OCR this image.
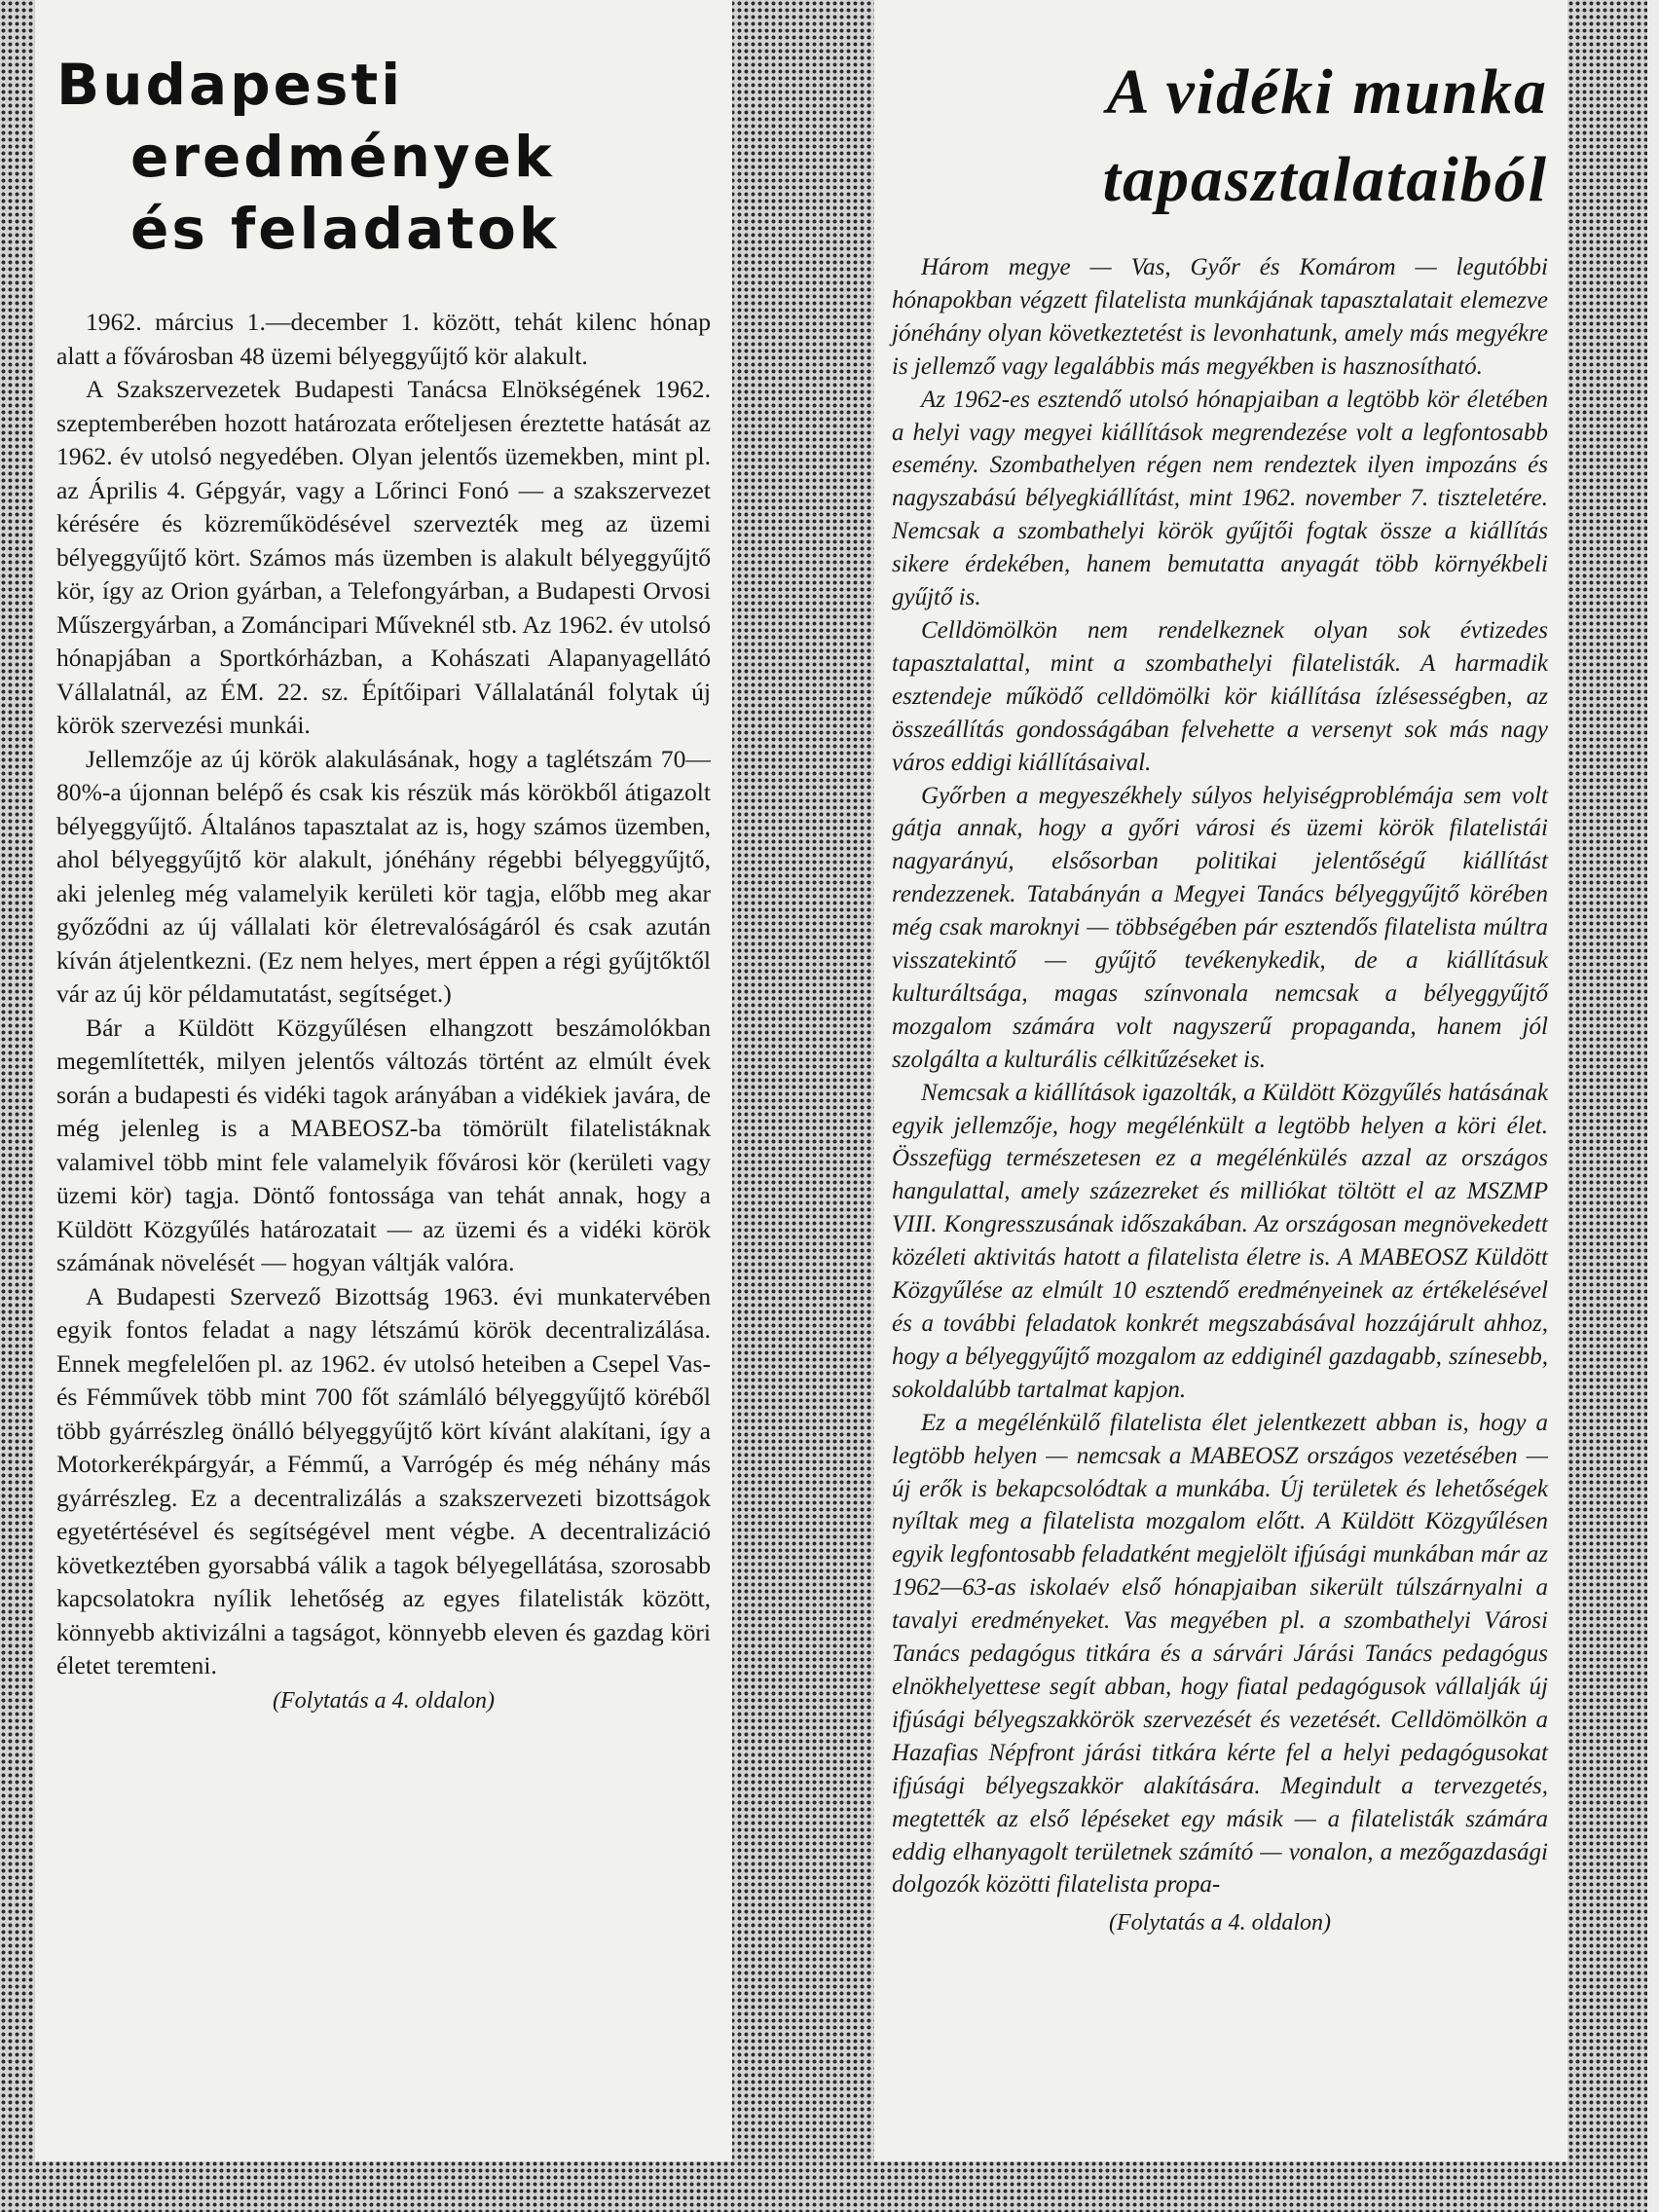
Budapesti
eredmények
és feladatok

1962. március 1.—december 1. között, tehát kilenc hónap alatt a fővárosban 48 üzemi bélyeggyűjtő kör alakult.

A Szakszervezetek Budapesti Tanácsa Elnökségének 1962. szeptemberében hozott határozata erőteljesen éreztette hatását az 1962. év utolsó negyedében. Olyan jelentős üzemekben, mint pl. az Április 4. Gépgyár, vagy a Lőrinci Fonó — a szakszervezet kérésére és közreműködésével szervezték meg az üzemi bélyeggyűjtő kört. Számos más üzemben is alakult bélyeggyűjtő kör, így az Orion gyárban, a Telefongyárban, a Budapesti Orvosi Műszergyárban, a Zománcipari Műveknél stb. Az 1962. év utolsó hónapjában a Sportkórházban, a Kohászati Alapanyagellátó Vállalatnál, az ÉM. 22. sz. Építőipari Vállalatánál folytak új körök szervezési munkái.

Jellemzője az új körök alakulásának, hogy a taglétszám 70—80%-a újonnan belépő és csak kis részük más körökből átigazolt bélyeggyűjtő. Általános tapasztalat az is, hogy számos üzemben, ahol bélyeggyűjtő kör alakult, jónéhány régebbi bélyeggyűjtő, aki jelenleg még valamelyik kerületi kör tagja, előbb meg akar győződni az új vállalati kör életrevalóságáról és csak azután kíván átjelentkezni. (Ez nem helyes, mert éppen a régi gyűjtőktől vár az új kör példamutatást, segítséget.)

Bár a Küldött Közgyűlésen elhangzott beszámolókban megemlítették, milyen jelentős változás történt az elmúlt évek során a budapesti és vidéki tagok arányában a vidékiek javára, de még jelenleg is a MABEOSZ-ba tömörült filatelistáknak valamivel több mint fele valamelyik fővárosi kör (kerületi vagy üzemi kör) tagja. Döntő fontossága van tehát annak, hogy a Küldött Közgyűlés határozatait — az üzemi és a vidéki körök számának növelését — hogyan váltják valóra.

A Budapesti Szervező Bizottság 1963. évi munkatervében egyik fontos feladat a nagy létszámú körök decentralizálása. Ennek megfelelően pl. az 1962. év utolsó heteiben a Csepel Vas- és Fémművek több mint 700 főt számláló bélyeggyűjtő köréből több gyárrészleg önálló bélyeggyűjtő kört kívánt alakítani, így a Motorkerékpárgyár, a Fémmű, a Varrógép és még néhány más gyárrészleg. Ez a decentralizálás a szakszervezeti bizottságok egyetértésével és segítségével ment végbe. A decentralizáció következtében gyorsabbá válik a tagok bélyegellátása, szorosabb kapcsolatokra nyílik lehetőség az egyes filatelisták között, könnyebb aktivizálni a tagságot, könnyebb eleven és gazdag köri életet teremteni.

(Folytatás a 4. oldalon)
A vidéki munka
tapasztalataiból

Három megye — Vas, Győr és Komárom — legutóbbi hónapokban végzett filatelista munkájának tapasztalatait elemezve jónéhány olyan következtetést is levonhatunk, amely más megyékre is jellemző vagy legalábbis más megyékben is hasznosítható.

Az 1962-es esztendő utolsó hónapjaiban a legtöbb kör életében a helyi vagy megyei kiállítások megrendezése volt a legfontosabb esemény. Szombathelyen régen nem rendeztek ilyen impozáns és nagyszabású bélyegkiállítást, mint 1962. november 7. tiszteletére. Nemcsak a szombathelyi körök gyűjtői fogtak össze a kiállítás sikere érdekében, hanem bemutatta anyagát több környékbeli gyűjtő is.

Celldömölkön nem rendelkeznek olyan sok évtizedes tapasztalattal, mint a szombathelyi filatelisták. A harmadik esztendeje működő celldömölki kör kiállítása ízlésességben, az összeállítás gondosságában felvehette a versenyt sok más nagy város eddigi kiállításaival.

Győrben a megyeszékhely súlyos helyiségproblémája sem volt gátja annak, hogy a győri városi és üzemi körök filatelistái nagyarányú, elsősorban politikai jelentőségű kiállítást rendezzenek. Tatabányán a Megyei Tanács bélyeggyűjtő körében még csak maroknyi — többségében pár esztendős filatelista múltra visszatekintő — gyűjtő tevékenykedik, de a kiállításuk kulturáltsága, magas színvonala nemcsak a bélyeggyűjtő mozgalom számára volt nagyszerű propaganda, hanem jól szolgálta a kulturális célkitűzéseket is.

Nemcsak a kiállítások igazolták, a Küldött Közgyűlés hatásának egyik jellemzője, hogy megélénkült a legtöbb helyen a köri élet. Összefügg természetesen ez a megélénkülés azzal az országos hangulattal, amely százezreket és milliókat töltött el az MSZMP VIII. Kongresszusának időszakában. Az országosan megnövekedett közéleti aktivitás hatott a filatelista életre is. A MABEOSZ Küldött Közgyűlése az elmúlt 10 esztendő eredményeinek az értékelésével és a további feladatok konkrét megszabásával hozzájárult ahhoz, hogy a bélyeggyűjtő mozgalom az eddiginél gazdagabb, színesebb, sokoldalúbb tartalmat kapjon.

Ez a megélénkülő filatelista élet jelentkezett abban is, hogy a legtöbb helyen — nemcsak a MABEOSZ országos vezetésében — új erők is bekapcsolódtak a munkába. Új területek és lehetőségek nyíltak meg a filatelista mozgalom előtt. A Küldött Közgyűlésen egyik legfontosabb feladatként megjelölt ifjúsági munkában már az 1962—63-as iskolaév első hónapjaiban sikerült túlszárnyalni a tavalyi eredményeket. Vas megyében pl. a szombathelyi Városi Tanács pedagógus titkára és a sárvári Járási Tanács pedagógus elnökhelyettese segít abban, hogy fiatal pedagógusok vállalják új ifjúsági bélyegszakkörök szervezését és vezetését. Celldömölkön a Hazafias Népfront járási titkára kérte fel a helyi pedagógusokat ifjúsági bélyegszakkör alakítására. Megindult a tervezgetés, megtették az első lépéseket egy másik — a filatelisták számára eddig elhanyagolt területnek számító — vonalon, a mezőgazdasági dolgozók közötti filatelista propa-

(Folytatás a 4. oldalon)
